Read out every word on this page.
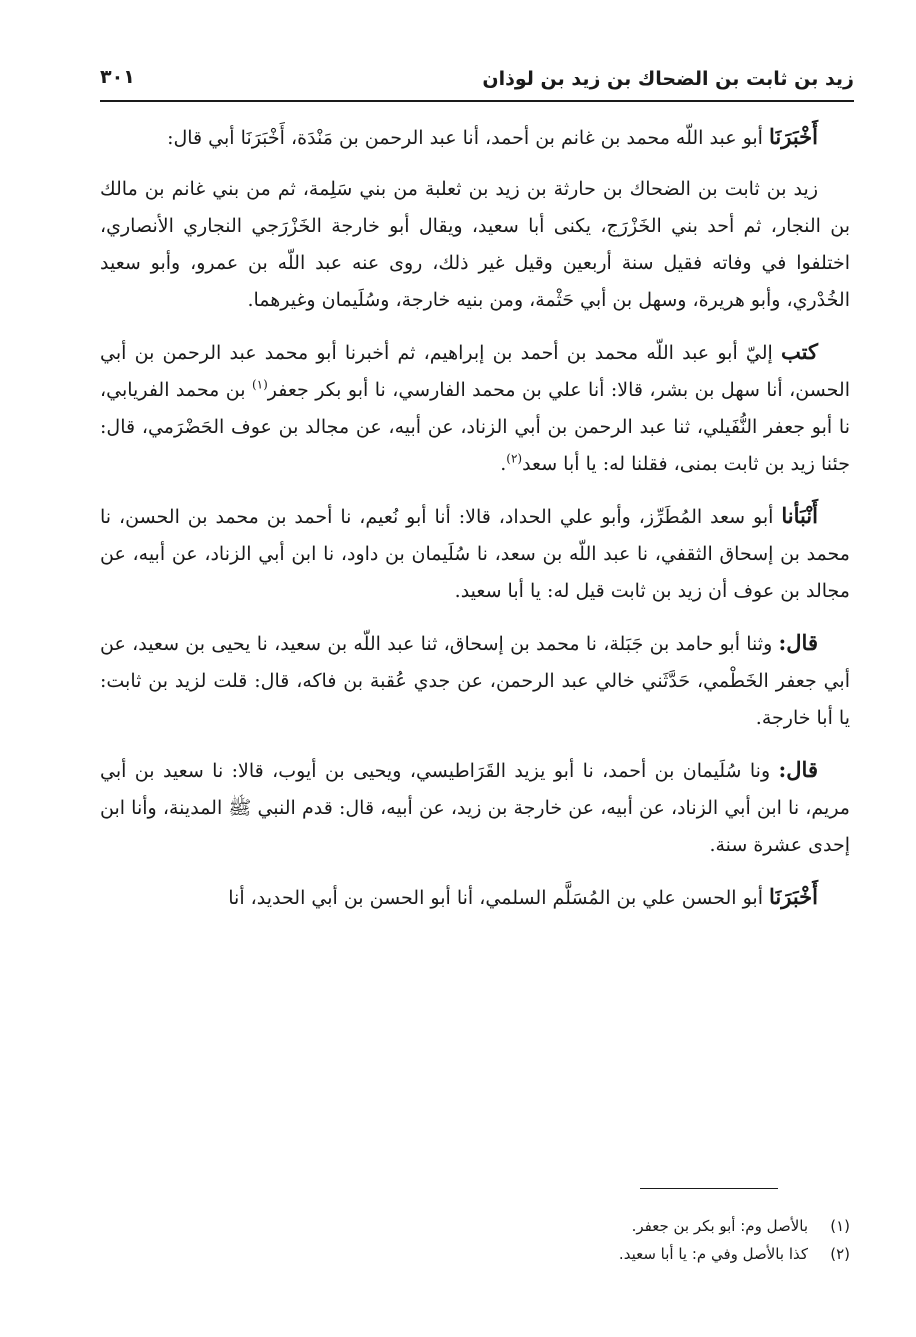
زيد بن ثابت بن الضحاك بن زيد بن لوذان
٣٠١

أَخْبَرَنَا أبو عبد اللّه محمد بن غانم بن أحمد، أنا عبد الرحمن بن مَنْدَة، أَخْبَرَنَا أبي قال:

زيد بن ثابت بن الضحاك بن حارثة بن زيد بن ثعلبة من بني سَلِمة، ثم من بني غانم بن مالك بن النجار، ثم أحد بني الخَزْرَج، يكنى أبا سعيد، ويقال أبو خارجة الخَزْرَجي النجاري الأنصاري، اختلفوا في وفاته فقيل سنة أربعين وقيل غير ذلك، روى عنه عبد اللّه بن عمرو، وأبو سعيد الخُدْري، وأبو هريرة، وسهل بن أبي حَثْمة، ومن بنيه خارجة، وسُلَيمان وغيرهما.

كتب إليّ أبو عبد اللّه محمد بن أحمد بن إبراهيم، ثم أخبرنا أبو محمد عبد الرحمن بن أبي الحسن، أنا سهل بن بشر، قالا: أنا علي بن محمد الفارسي، نا أبو بكر جعفر$^{(١)}$ بن محمد الفريابي، نا أبو جعفر النُّفَيلي، ثنا عبد الرحمن بن أبي الزناد، عن أبيه، عن مجالد بن عوف الحَضْرَمي، قال: جئنا زيد بن ثابت بمنى، فقلنا له: يا أبا سعد$^{(٢)}$.

أَنْبَأنا أبو سعد المُطَرِّز، وأبو علي الحداد، قالا: أنا أبو نُعيم، نا أحمد بن محمد بن الحسن، نا محمد بن إسحاق الثقفي، نا عبد اللّه بن سعد، نا سُلَيمان بن داود، نا ابن أبي الزناد، عن أبيه، عن مجالد بن عوف أن زيد بن ثابت قيل له: يا أبا سعيد.

قال: وثنا أبو حامد بن جَبَلة، نا محمد بن إسحاق، ثنا عبد اللّه بن سعيد، نا يحيى بن سعيد، عن أبي جعفر الخَطْمي، حَدَّثَني خالي عبد الرحمن، عن جدي عُقبة بن فاكه، قال: قلت لزيد بن ثابت: يا أبا خارجة.

قال: ونا سُلَيمان بن أحمد، نا أبو يزيد القَرَاطيسي، ويحيى بن أيوب، قالا: نا سعيد بن أبي مريم، نا ابن أبي الزناد، عن أبيه، عن خارجة بن زيد، عن أبيه، قال: قدم النبي ﷺ المدينة، وأنا ابن إحدى عشرة سنة.

أَخْبَرَنَا أبو الحسن علي بن المُسَلَّم السلمي، أنا أبو الحسن بن أبي الحديد، أنا

(١)بالأصل وم: أبو بكر بن جعفر.
(٢)كذا بالأصل وفي م: يا أبا سعيد.
